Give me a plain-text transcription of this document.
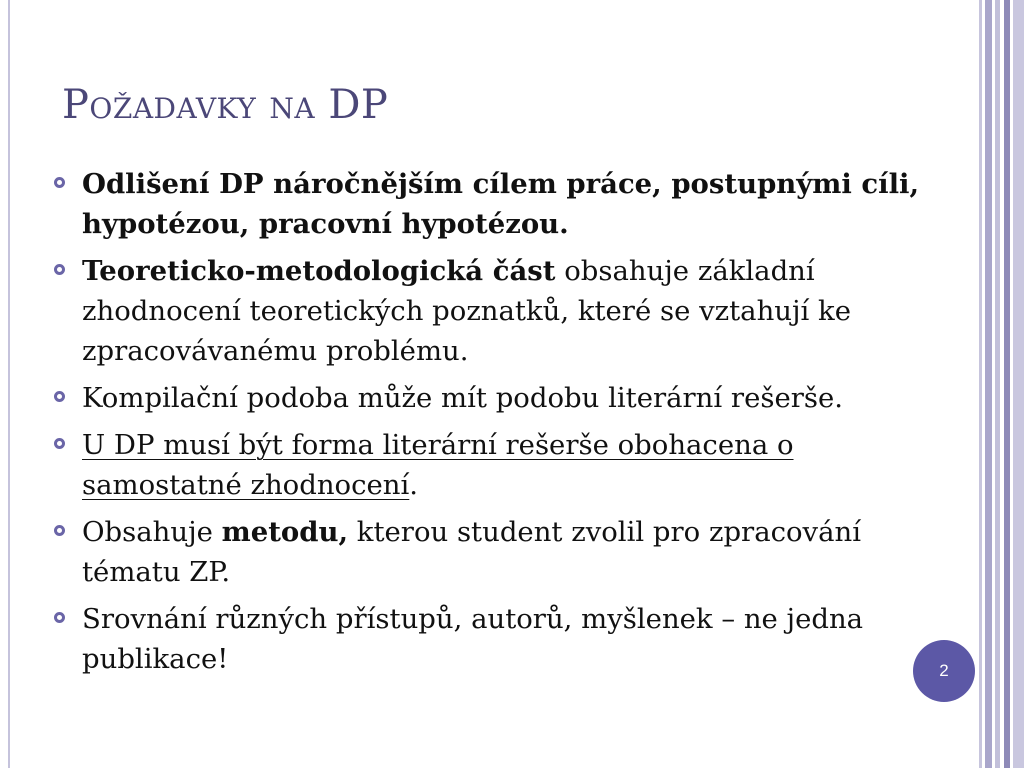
Požadavky na DP
Odlišení DP náročnějším cílem práce, postupnými cíli, hypotézou, pracovní hypotézou.
Teoreticko-metodologická část obsahuje základní zhodnocení teoretických poznatků, které se vztahují ke zpracovávanému problému.
Kompilační podoba může mít podobu literární rešerše.
U DP musí být forma literární rešerše obohacena o samostatné zhodnocení.
Obsahuje metodu, kterou student zvolil pro zpracování tématu ZP.
Srovnání různých přístupů, autorů, myšlenek – ne jedna publikace!	2
